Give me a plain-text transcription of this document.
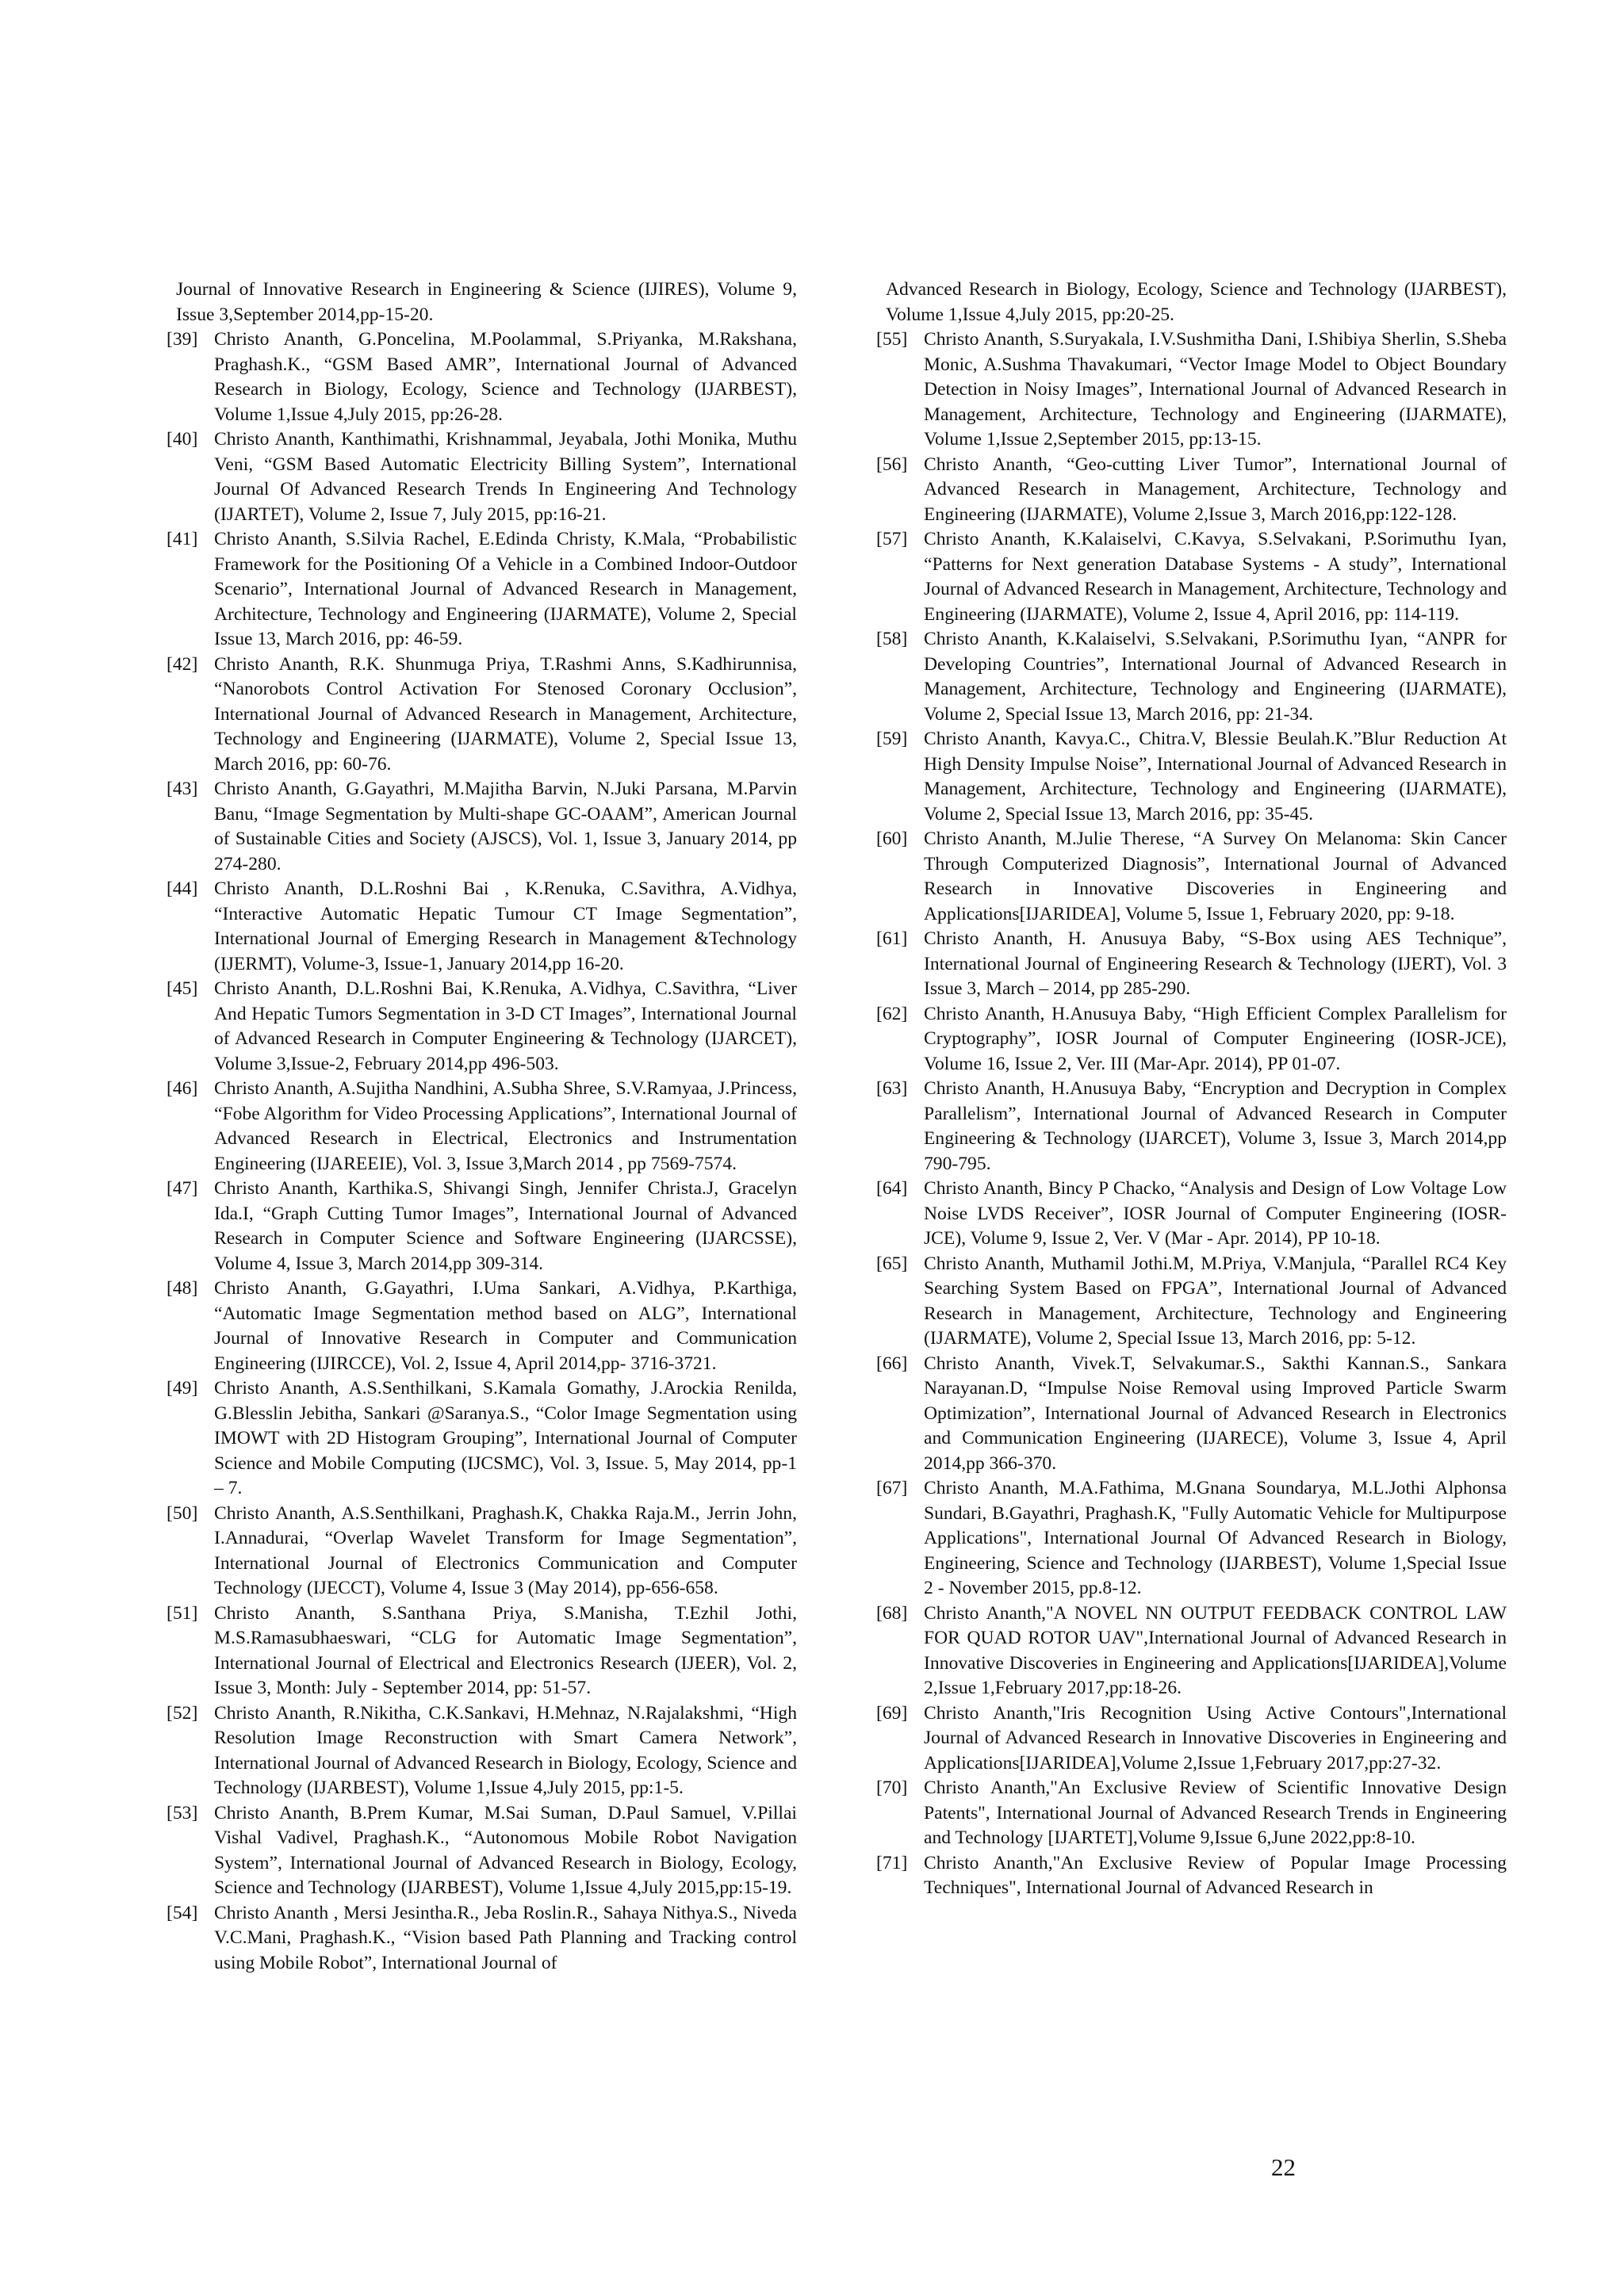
Journal of Innovative Research in Engineering & Science (IJIRES), Volume 9, Issue 3,September 2014,pp-15-20.

[39] Christo Ananth, G.Poncelina, M.Poolammal, S.Priyanka, M.Rakshana, Praghash.K., “GSM Based AMR”, International Journal of Advanced Research in Biology, Ecology, Science and Technology (IJARBEST), Volume 1,Issue 4,July 2015, pp:26-28.

[40] Christo Ananth, Kanthimathi, Krishnammal, Jeyabala, Jothi Monika, Muthu Veni, “GSM Based Automatic Electricity Billing System”, International Journal Of Advanced Research Trends In Engineering And Technology (IJARTET), Volume 2, Issue 7, July 2015, pp:16-21.

[41] Christo Ananth, S.Silvia Rachel, E.Edinda Christy, K.Mala, “Probabilistic Framework for the Positioning Of a Vehicle in a Combined Indoor-Outdoor Scenario”, International Journal of Advanced Research in Management, Architecture, Technology and Engineering (IJARMATE), Volume 2, Special Issue 13, March 2016, pp: 46-59.

[42] Christo Ananth, R.K. Shunmuga Priya, T.Rashmi Anns, S.Kadhirunnisa, “Nanorobots Control Activation For Stenosed Coronary Occlusion”, International Journal of Advanced Research in Management, Architecture, Technology and Engineering (IJARMATE), Volume 2, Special Issue 13, March 2016, pp: 60-76.

[43] Christo Ananth, G.Gayathri, M.Majitha Barvin, N.Juki Parsana, M.Parvin Banu, “Image Segmentation by Multi-shape GC-OAAM”, American Journal of Sustainable Cities and Society (AJSCS), Vol. 1, Issue 3, January 2014, pp 274-280.

[44] Christo Ananth, D.L.Roshni Bai , K.Renuka, C.Savithra, A.Vidhya, “Interactive Automatic Hepatic Tumour CT Image Segmentation”, International Journal of Emerging Research in Management &Technology (IJERMT), Volume-3, Issue-1, January 2014,pp 16-20.

[45] Christo Ananth, D.L.Roshni Bai, K.Renuka, A.Vidhya, C.Savithra, “Liver And Hepatic Tumors Segmentation in 3-D CT Images”, International Journal of Advanced Research in Computer Engineering & Technology (IJARCET), Volume 3,Issue-2, February 2014,pp 496-503.

[46] Christo Ananth, A.Sujitha Nandhini, A.Subha Shree, S.V.Ramyaa, J.Princess, “Fobe Algorithm for Video Processing Applications”, International Journal of Advanced Research in Electrical, Electronics and Instrumentation Engineering (IJAREEIE), Vol. 3, Issue 3,March 2014 , pp 7569-7574.

[47] Christo Ananth, Karthika.S, Shivangi Singh, Jennifer Christa.J, Gracelyn Ida.I, “Graph Cutting Tumor Images”, International Journal of Advanced Research in Computer Science and Software Engineering (IJARCSSE), Volume 4, Issue 3, March 2014,pp 309-314.

[48] Christo Ananth, G.Gayathri, I.Uma Sankari, A.Vidhya, P.Karthiga, “Automatic Image Segmentation method based on ALG”, International Journal of Innovative Research in Computer and Communication Engineering (IJIRCCE), Vol. 2, Issue 4, April 2014,pp- 3716-3721.

[49] Christo Ananth, A.S.Senthilkani, S.Kamala Gomathy, J.Arockia Renilda, G.Blesslin Jebitha, Sankari @Saranya.S., “Color Image Segmentation using IMOWT with 2D Histogram Grouping”, International Journal of Computer Science and Mobile Computing (IJCSMC), Vol. 3, Issue. 5, May 2014, pp-1 – 7.

[50] Christo Ananth, A.S.Senthilkani, Praghash.K, Chakka Raja.M., Jerrin John, I.Annadurai, “Overlap Wavelet Transform for Image Segmentation”, International Journal of Electronics Communication and Computer Technology (IJECCT), Volume 4, Issue 3 (May 2014), pp-656-658.

[51] Christo Ananth, S.Santhana Priya, S.Manisha, T.Ezhil Jothi, M.S.Ramasubhaeswari, “CLG for Automatic Image Segmentation”, International Journal of Electrical and Electronics Research (IJEER), Vol. 2, Issue 3, Month: July - September 2014, pp: 51-57.

[52] Christo Ananth, R.Nikitha, C.K.Sankavi, H.Mehnaz, N.Rajalakshmi, “High Resolution Image Reconstruction with Smart Camera Network”, International Journal of Advanced Research in Biology, Ecology, Science and Technology (IJARBEST), Volume 1,Issue 4,July 2015, pp:1-5.

[53] Christo Ananth, B.Prem Kumar, M.Sai Suman, D.Paul Samuel, V.Pillai Vishal Vadivel, Praghash.K., “Autonomous Mobile Robot Navigation System”, International Journal of Advanced Research in Biology, Ecology, Science and Technology (IJARBEST), Volume 1,Issue 4,July 2015,pp:15-19.

[54] Christo Ananth , Mersi Jesintha.R., Jeba Roslin.R., Sahaya Nithya.S., Niveda V.C.Mani, Praghash.K., “Vision based Path Planning and Tracking control using Mobile Robot”, International Journal of

Advanced Research in Biology, Ecology, Science and Technology (IJARBEST), Volume 1,Issue 4,July 2015, pp:20-25.

[55] Christo Ananth, S.Suryakala, I.V.Sushmitha Dani, I.Shibiya Sherlin, S.Sheba Monic, A.Sushma Thavakumari, “Vector Image Model to Object Boundary Detection in Noisy Images”, International Journal of Advanced Research in Management, Architecture, Technology and Engineering (IJARMATE), Volume 1,Issue 2,September 2015, pp:13-15.

[56] Christo Ananth, “Geo-cutting Liver Tumor”, International Journal of Advanced Research in Management, Architecture, Technology and Engineering (IJARMATE), Volume 2,Issue 3, March 2016,pp:122-128.

[57] Christo Ananth, K.Kalaiselvi, C.Kavya, S.Selvakani, P.Sorimuthu Iyan, “Patterns for Next generation Database Systems - A study”, International Journal of Advanced Research in Management, Architecture, Technology and Engineering (IJARMATE), Volume 2, Issue 4, April 2016, pp: 114-119.

[58] Christo Ananth, K.Kalaiselvi, S.Selvakani, P.Sorimuthu Iyan, “ANPR for Developing Countries”, International Journal of Advanced Research in Management, Architecture, Technology and Engineering (IJARMATE), Volume 2, Special Issue 13, March 2016, pp: 21-34.

[59] Christo Ananth, Kavya.C., Chitra.V, Blessie Beulah.K.”Blur Reduction At High Density Impulse Noise”, International Journal of Advanced Research in Management, Architecture, Technology and Engineering (IJARMATE), Volume 2, Special Issue 13, March 2016, pp: 35-45.

[60] Christo Ananth, M.Julie Therese, “A Survey On Melanoma: Skin Cancer Through Computerized Diagnosis”, International Journal of Advanced Research in Innovative Discoveries in Engineering and Applications[IJARIDEA], Volume 5, Issue 1, February 2020, pp: 9-18.

[61] Christo Ananth, H. Anusuya Baby, “S-Box using AES Technique”, International Journal of Engineering Research & Technology (IJERT), Vol. 3 Issue 3, March – 2014, pp 285-290.

[62] Christo Ananth, H.Anusuya Baby, “High Efficient Complex Parallelism for Cryptography”, IOSR Journal of Computer Engineering (IOSR-JCE), Volume 16, Issue 2, Ver. III (Mar-Apr. 2014), PP 01-07.

[63] Christo Ananth, H.Anusuya Baby, “Encryption and Decryption in Complex Parallelism”, International Journal of Advanced Research in Computer Engineering & Technology (IJARCET), Volume 3, Issue 3, March 2014,pp 790-795.

[64] Christo Ananth, Bincy P Chacko, “Analysis and Design of Low Voltage Low Noise LVDS Receiver”, IOSR Journal of Computer Engineering (IOSR-JCE), Volume 9, Issue 2, Ver. V (Mar - Apr. 2014), PP 10-18.

[65] Christo Ananth, Muthamil Jothi.M, M.Priya, V.Manjula, “Parallel RC4 Key Searching System Based on FPGA”, International Journal of Advanced Research in Management, Architecture, Technology and Engineering (IJARMATE), Volume 2, Special Issue 13, March 2016, pp: 5-12.

[66] Christo Ananth, Vivek.T, Selvakumar.S., Sakthi Kannan.S., Sankara Narayanan.D, “Impulse Noise Removal using Improved Particle Swarm Optimization”, International Journal of Advanced Research in Electronics and Communication Engineering (IJARECE), Volume 3, Issue 4, April 2014,pp 366-370.

[67] Christo Ananth, M.A.Fathima, M.Gnana Soundarya, M.L.Jothi Alphonsa Sundari, B.Gayathri, Praghash.K, "Fully Automatic Vehicle for Multipurpose Applications", International Journal Of Advanced Research in Biology, Engineering, Science and Technology (IJARBEST), Volume 1,Special Issue 2 - November 2015, pp.8-12.

[68] Christo Ananth,"A NOVEL NN OUTPUT FEEDBACK CONTROL LAW FOR QUAD ROTOR UAV",International Journal of Advanced Research in Innovative Discoveries in Engineering and Applications[IJARIDEA],Volume 2,Issue 1,February 2017,pp:18-26.

[69] Christo Ananth,"Iris Recognition Using Active Contours",International Journal of Advanced Research in Innovative Discoveries in Engineering and Applications[IJARIDEA],Volume 2,Issue 1,February 2017,pp:27-32.

[70] Christo Ananth,"An Exclusive Review of Scientific Innovative Design Patents", International Journal of Advanced Research Trends in Engineering and Technology [IJARTET],Volume 9,Issue 6,June 2022,pp:8-10.

[71] Christo Ananth,"An Exclusive Review of Popular Image Processing Techniques", International Journal of Advanced Research in

22
